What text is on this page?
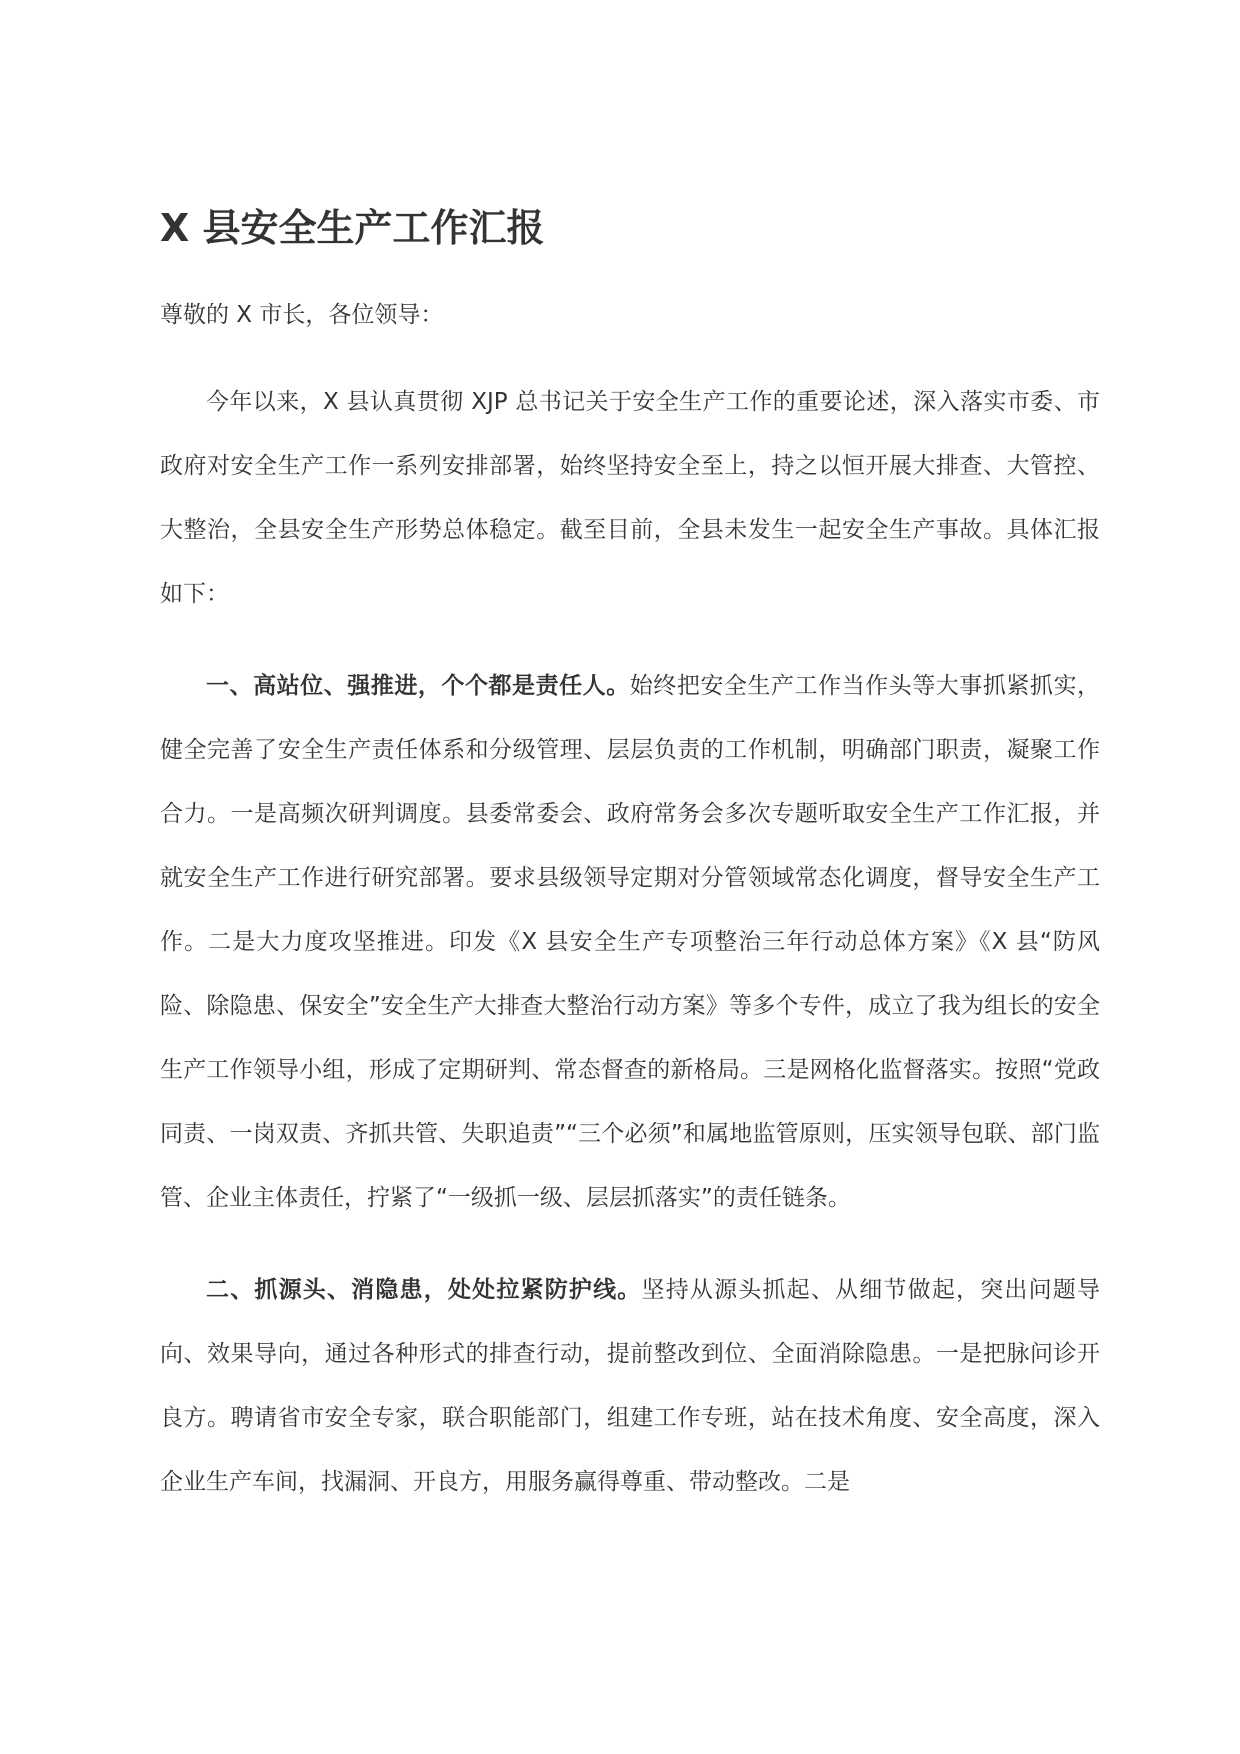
X 县安全生产工作汇报

尊敬的 X 市长，各位领导：

今年以来，X 县认真贯彻 XJP 总书记关于安全生产工作的重要论述，深入落实市委、市政府对安全生产工作一系列安排部署，始终坚持安全至上，持之以恒开展大排查、大管控、大整治，全县安全生产形势总体稳定。截至目前，全县未发生一起安全生产事故。具体汇报如下：

一、高站位、强推进，个个都是责任人。始终把安全生产工作当作头等大事抓紧抓实，健全完善了安全生产责任体系和分级管理、层层负责的工作机制，明确部门职责，凝聚工作合力。一是高频次研判调度。县委常委会、政府常务会多次专题听取安全生产工作汇报，并就安全生产工作进行研究部署。要求县级领导定期对分管领域常态化调度，督导安全生产工作。二是大力度攻坚推进。印发《X 县安全生产专项整治三年行动总体方案》《X 县“防风险、除隐患、保安全”安全生产大排查大整治行动方案》等多个专件，成立了我为组长的安全生产工作领导小组，形成了定期研判、常态督查的新格局。三是网格化监督落实。按照“党政同责、一岗双责、齐抓共管、失职追责”“三个必须”和属地监管原则，压实领导包联、部门监管、企业主体责任，拧紧了“一级抓一级、层层抓落实”的责任链条。

二、抓源头、消隐患，处处拉紧防护线。坚持从源头抓起、从细节做起，突出问题导向、效果导向，通过各种形式的排查行动，提前整改到位、全面消除隐患。一是把脉问诊开良方。聘请省市安全专家，联合职能部门，组建工作专班，站在技术角度、安全高度，深入企业生产车间，找漏洞、开良方，用服务赢得尊重、带动整改。二是
